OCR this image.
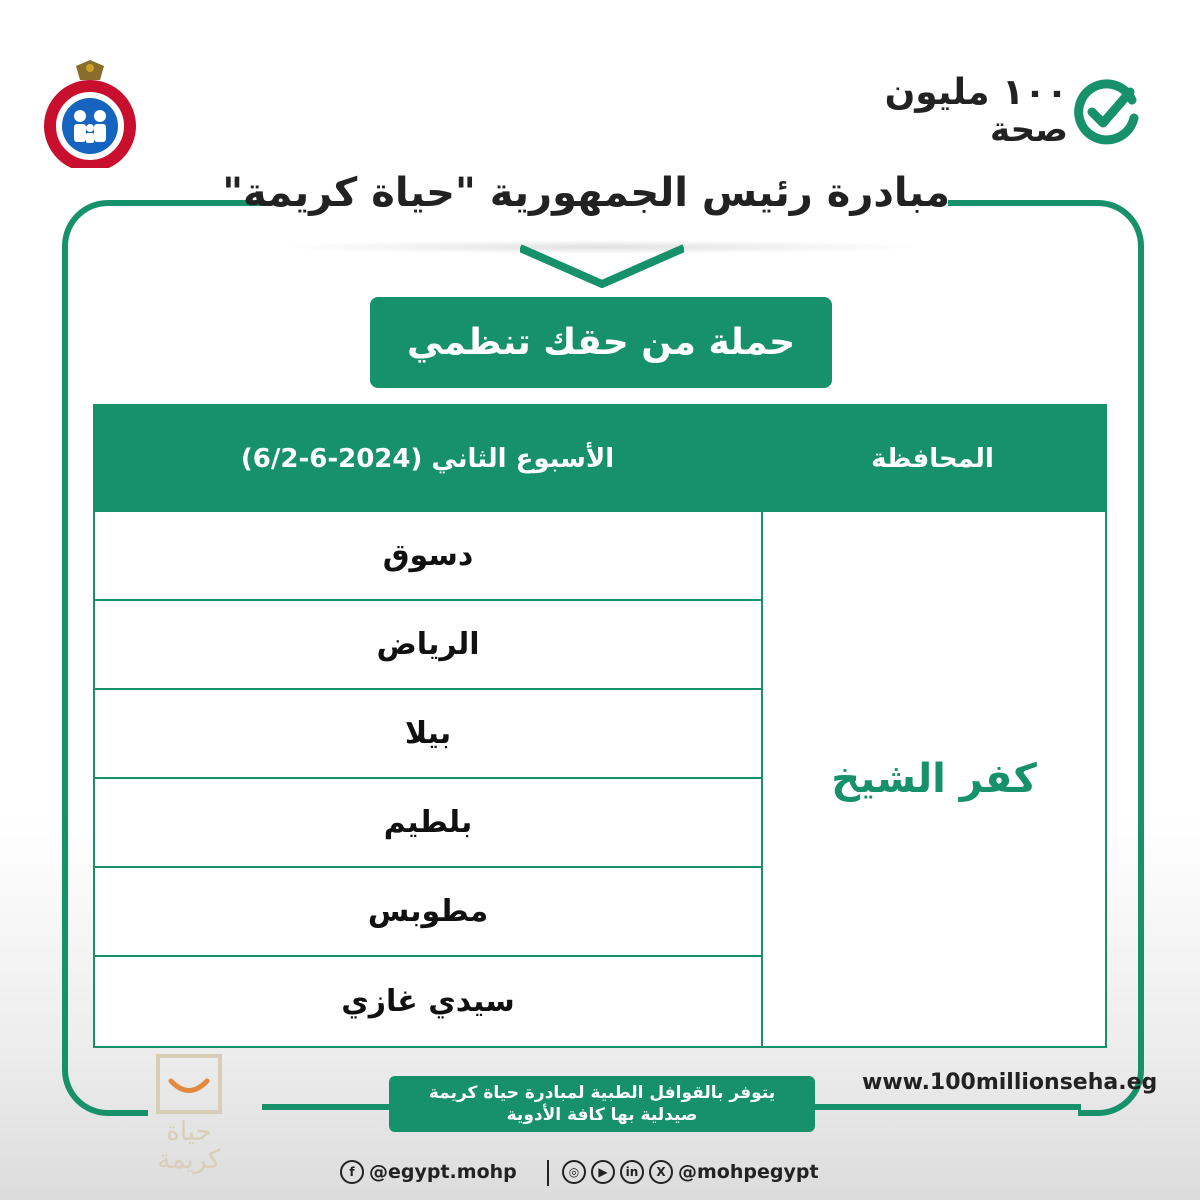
١٠٠ مليون
صحة
مبادرة رئيس الجمهورية "حياة كريمة"
حملة من حقك تنظمي
الأسبوع الثاني (2024-6-6/2)	المحافظة
كفر الشيخ
دسوق
الرياض
بيلا
بلطيم
مطوبس
سيدي غازي
حياة كريمة
يتوفر بالقوافل الطبية لمبادرة حياة كريمة
صيدلية بها كافة الأدوية
www.100millionseha.eg
f @egypt.mohp	◎	▶	in	X @mohpegypt
